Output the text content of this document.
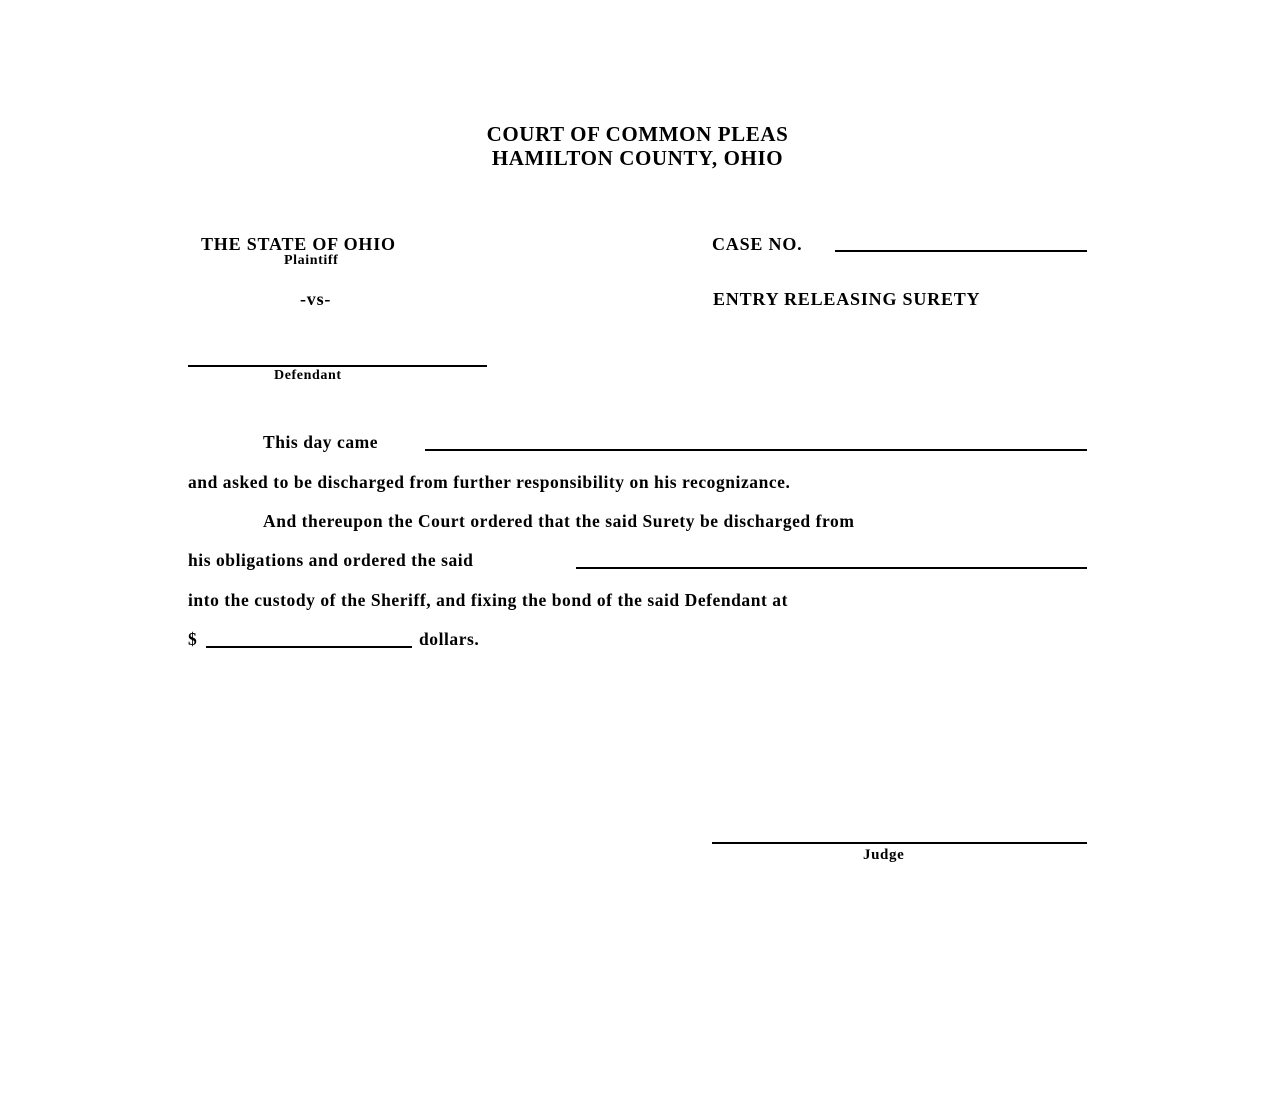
COURT OF COMMON PLEAS
HAMILTON COUNTY, OHIO
THE STATE OF OHIO
Plaintiff
-vs-
Defendant
CASE NO.
ENTRY RELEASING SURETY
This day came
and asked to be discharged from further responsibility on his recognizance.
And thereupon the Court ordered that the said Surety be discharged from
his obligations and ordered the said
into the custody of the Sheriff, and fixing the bond of the said Defendant at
$	dollars.
Judge
